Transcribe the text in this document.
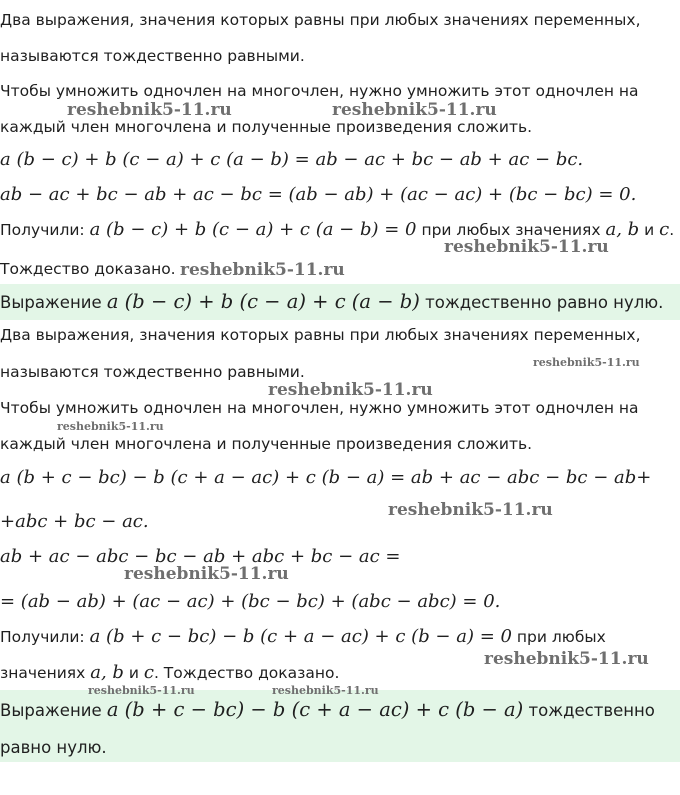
Два выражения, значения которых равны при любых значениях переменных,
называются тождественно равными.
Чтобы умножить одночлен на многочлен, нужно умножить этот одночлен на
каждый член многочлена и полученные произведения сложить.
a (b − c) + b (c − a) + c (a − b) = ab − ac + bc − ab + ac − bc.
ab − ac + bc − ab + ac − bc = (ab − ab) + (ac − ac) + (bc − bc) = 0.
Получили: a (b − c) + b (c − a) + c (a − b) = 0 при любых значениях a, b и c.
Тождество доказано.
Выражение a (b − c) + b (c − a) + c (a − b) тождественно равно нулю.
Два выражения, значения которых равны при любых значениях переменных,
называются тождественно равными.
Чтобы умножить одночлен на многочлен, нужно умножить этот одночлен на
каждый член многочлена и полученные произведения сложить.
a (b + c − bc) − b (c + a − ac) + c (b − a) = ab + ac − abc − bc − ab+
+abc + bc − ac.
ab + ac − abc − bc − ab + abc + bc − ac =
= (ab − ab) + (ac − ac) + (bc − bc) + (abc − abc) = 0.
Получили: a (b + c − bc) − b (c + a − ac) + c (b − a) = 0 при любых
значениях a, b и c. Тождество доказано.
Выражение a (b + c − bc) − b (c + a − ac) + c (b − a) тождественно
равно нулю.
reshebnik5-11.ru	reshebnik5-11.ru
reshebnik5-11.ru
reshebnik5-11.ru
reshebnik5-11.ru
reshebnik5-11.ru
reshebnik5-11.ru
reshebnik5-11.ru
reshebnik5-11.ru
reshebnik5-11.ru
reshebnik5-11.ru	reshebnik5-11.ru
